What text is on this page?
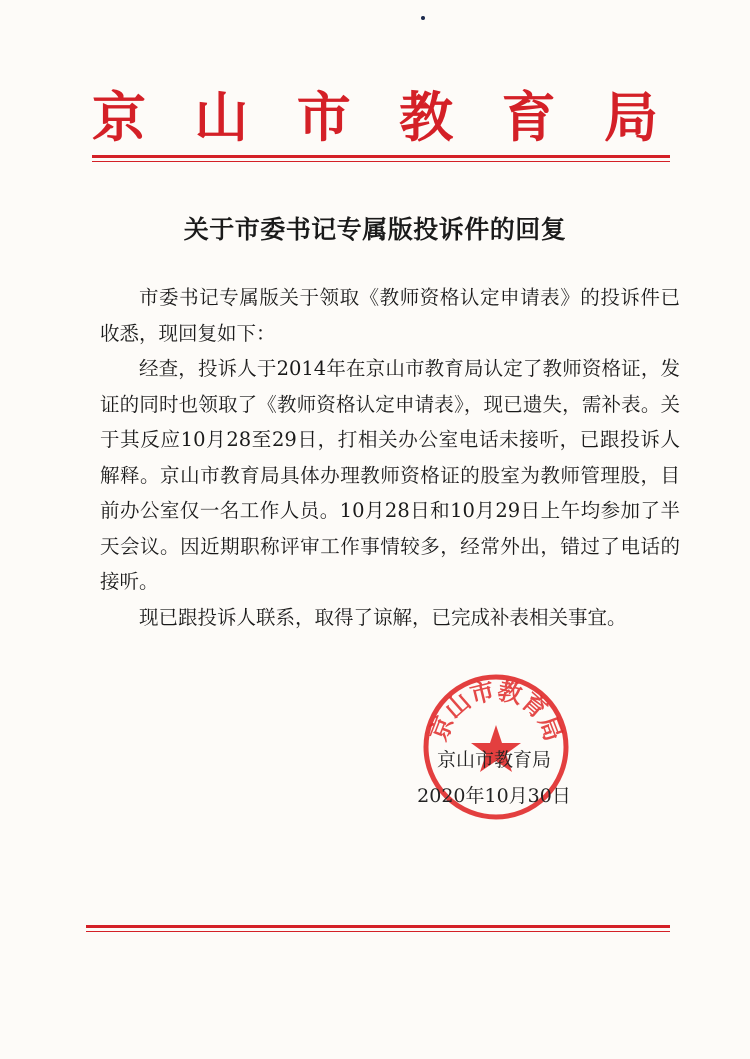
京 山 市 教 育 局
关于市委书记专属版投诉件的回复

市委书记专属版关于领取《教师资格认定申请表》的投诉件已收悉，现回复如下：

经查，投诉人于2014年在京山市教育局认定了教师资格证，发证的同时也领取了《教师资格认定申请表》，现已遗失，需补表。关于其反应10月28至29日，打相关办公室电话未接听，已跟投诉人解释。京山市教育局具体办理教师资格证的股室为教师管理股，目前办公室仅一名工作人员。10月28日和10月29日上午均参加了半天会议。因近期职称评审工作事情较多，经常外出，错过了电话的接听。

现已跟投诉人联系，取得了谅解，已完成补表相关事宜。

京山市教育局
京山市教育局
2020年10月30日
